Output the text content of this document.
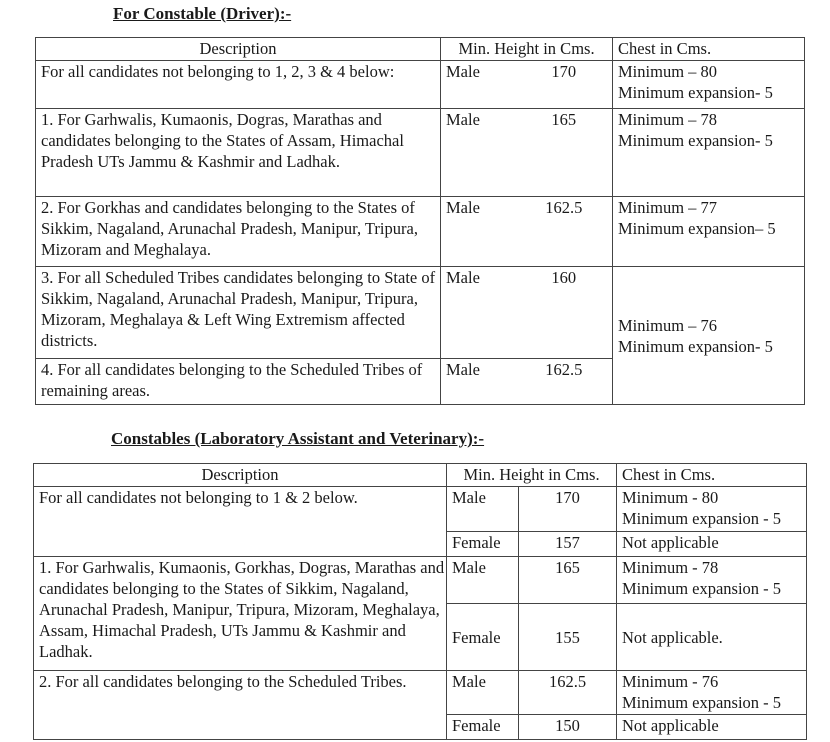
For Constable (Driver):-
Description	Min. Height in Cms.		Chest in Cms.
For all candidates not belonging to 1, 2, 3 & 4 below:	Male	170	Minimum – 80
Minimum expansion- 5

1. For Garhwalis, Kumaonis, Dogras, Marathas and candidates belonging to the States of Assam, Himachal Pradesh UTs Jammu & Kashmir and Ladhak.	Male	165	Minimum – 78
Minimum expansion- 5

2. For Gorkhas and candidates belonging to the States of Sikkim, Nagaland, Arunachal Pradesh, Manipur, Tripura, Mizoram and Meghalaya.	Male	162.5	Minimum – 77
Minimum expansion– 5

3. For all Scheduled Tribes candidates belonging to State of Sikkim, Nagaland, Arunachal Pradesh, Manipur, Tripura, Mizoram, Meghalaya & Left Wing Extremism affected districts.	Male	160	Minimum – 76
Minimum expansion- 5

4. For all candidates belonging to the Scheduled Tribes of remaining areas.	Male	162.5	
Constables (Laboratory Assistant and Veterinary):-
Description	Min. Height in Cms.		Chest in Cms.
For all candidates not belonging to 1 & 2 below.	Male	170	Minimum - 80
Minimum expansion - 5

	Female	157	Not applicable
1. For Garhwalis, Kumaonis, Gorkhas, Dogras, Marathas and candidates belonging to the States of Sikkim, Nagaland, Arunachal Pradesh, Manipur, Tripura, Mizoram, Meghalaya, Assam, Himachal Pradesh, UTs Jammu & Kashmir and Ladhak.	Male	165	Minimum - 78
Minimum expansion - 5

	Female	155	Not applicable.
2. For all candidates belonging to the Scheduled Tribes.	Male	162.5	Minimum - 76
Minimum expansion - 5

	Female	150	Not applicable
